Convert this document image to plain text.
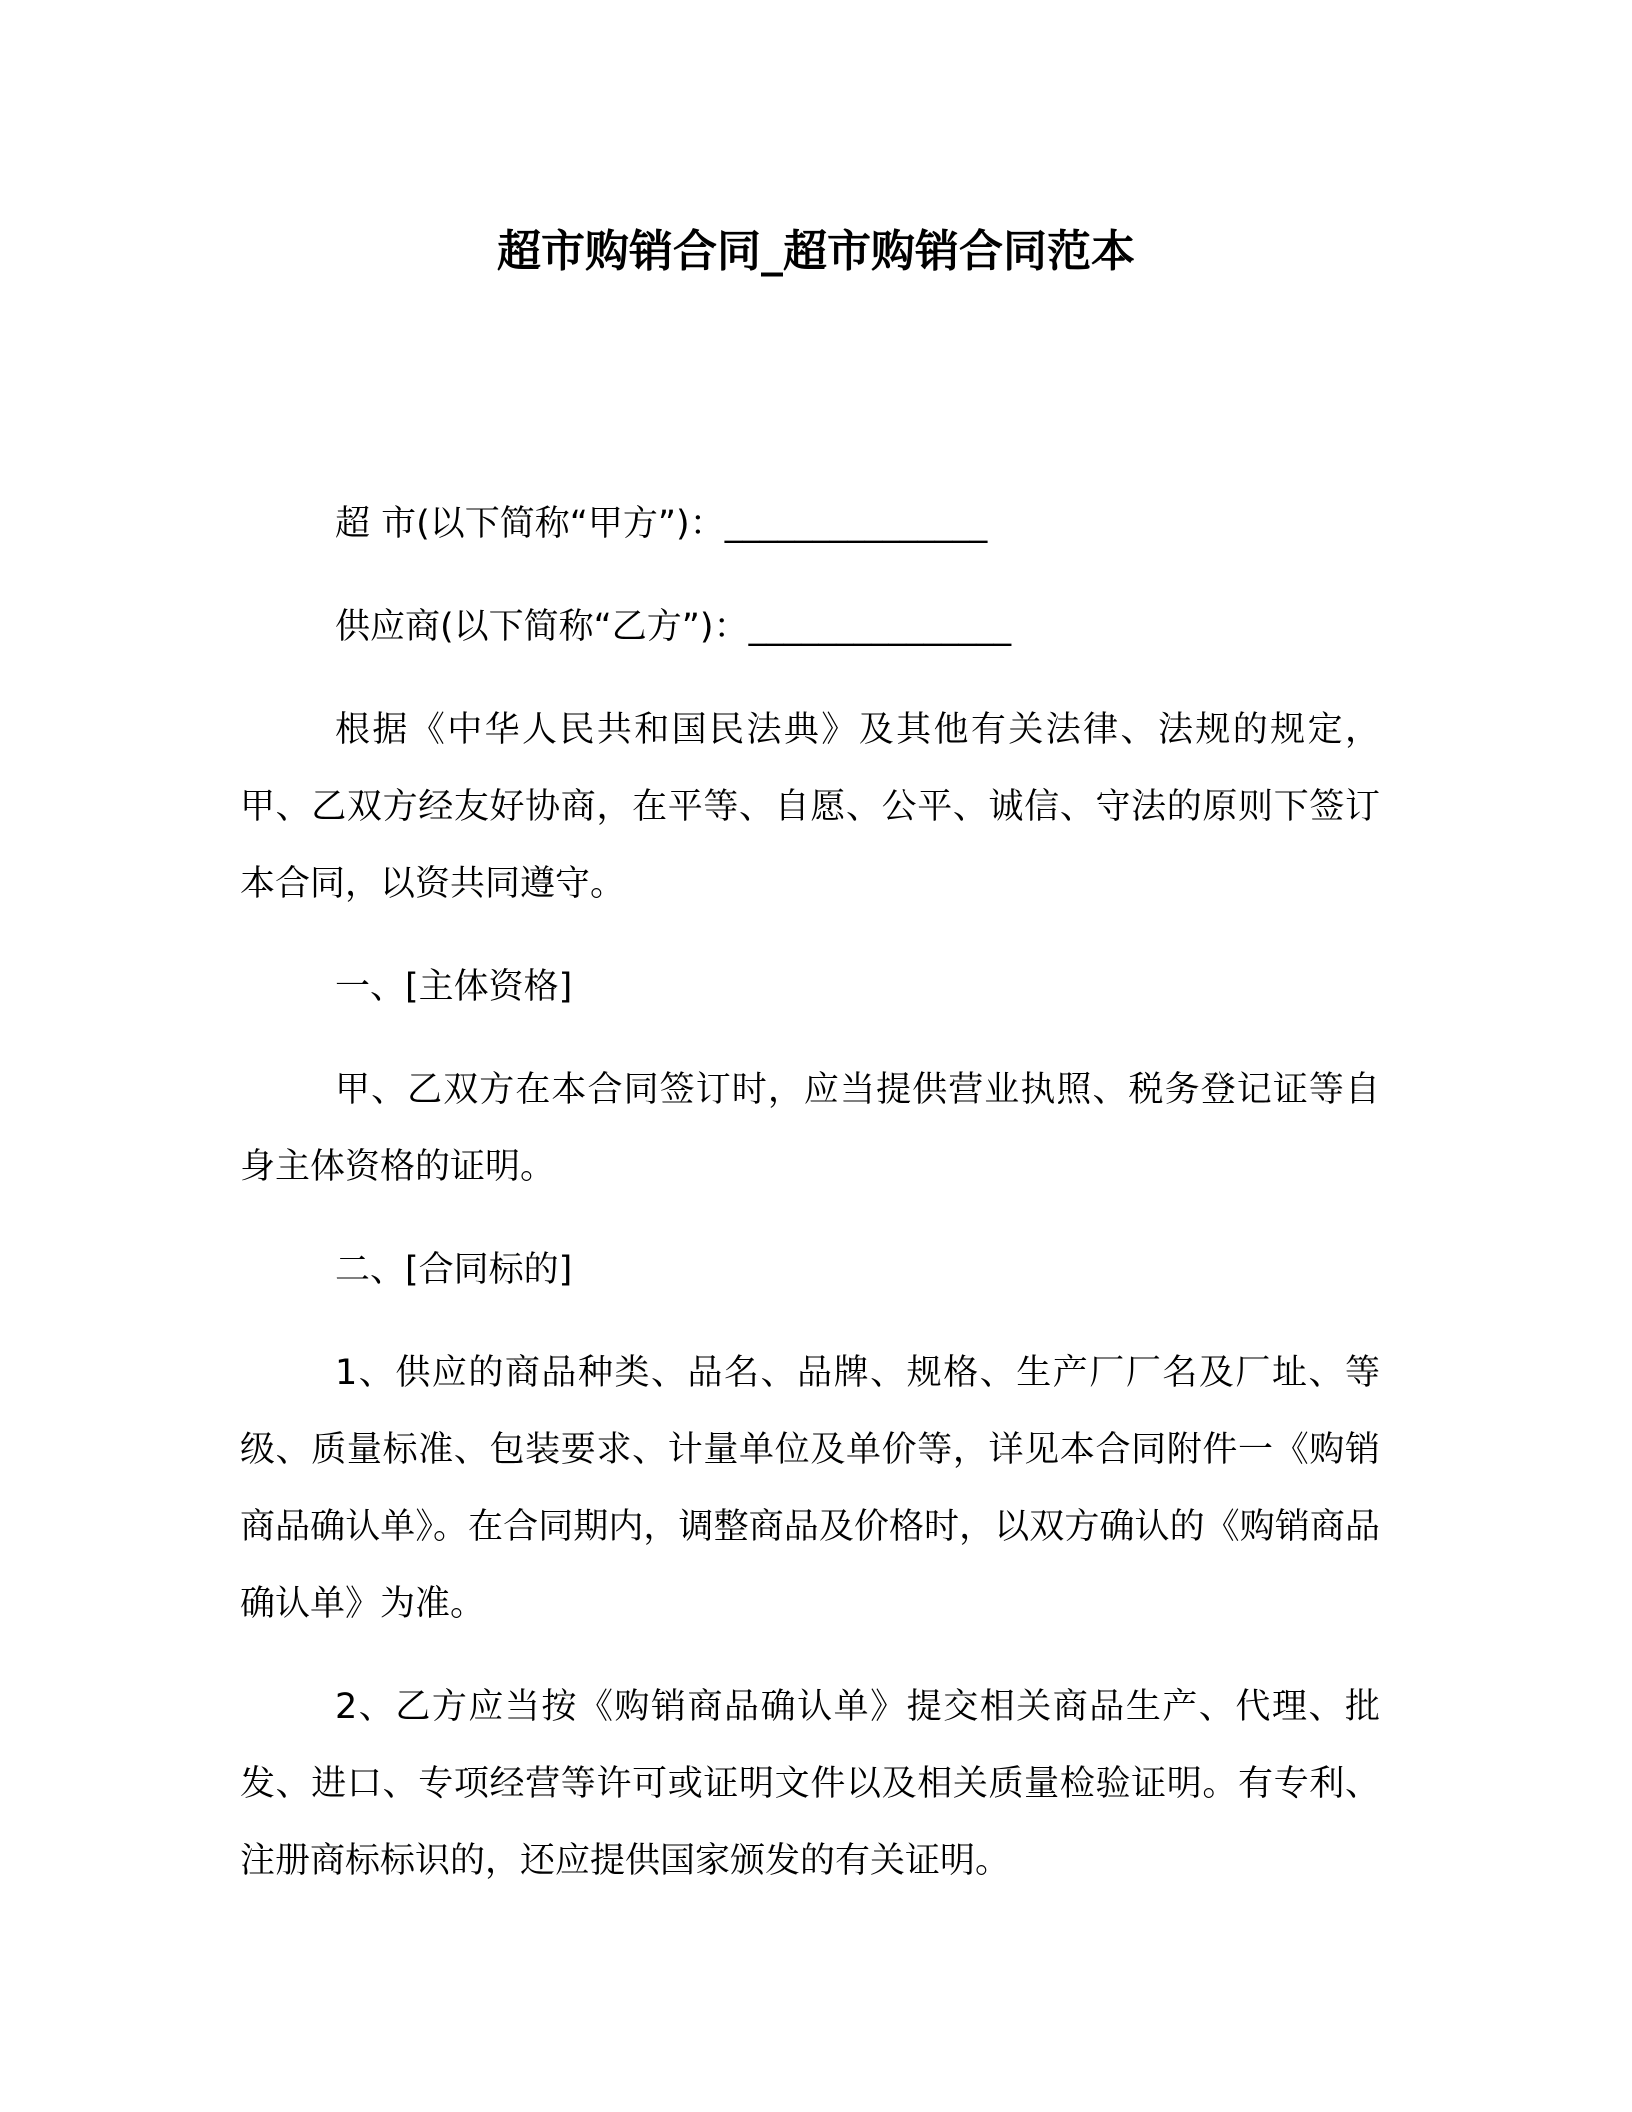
超市购销合同_超市购销合同范本

超 市(以下简称“甲方”)：_______________

供应商(以下简称“乙方”)：_______________

根据《中华人民共和国民法典》及其他有关法律、法规的规定，甲、乙双方经友好协商，在平等、自愿、公平、诚信、守法的原则下签订本合同，以资共同遵守。

一、[主体资格]

甲、乙双方在本合同签订时，应当提供营业执照、税务登记证等自身主体资格的证明。

二、[合同标的]

1、供应的商品种类、品名、品牌、规格、生产厂厂名及厂址、等级、质量标准、包装要求、计量单位及单价等，详见本合同附件一《购销商品确认单》。在合同期内，调整商品及价格时，以双方确认的《购销商品确认单》为准。

2、乙方应当按《购销商品确认单》提交相关商品生产、代理、批发、进口、专项经营等许可或证明文件以及相关质量检验证明。有专利、注册商标标识的，还应提供国家颁发的有关证明。
